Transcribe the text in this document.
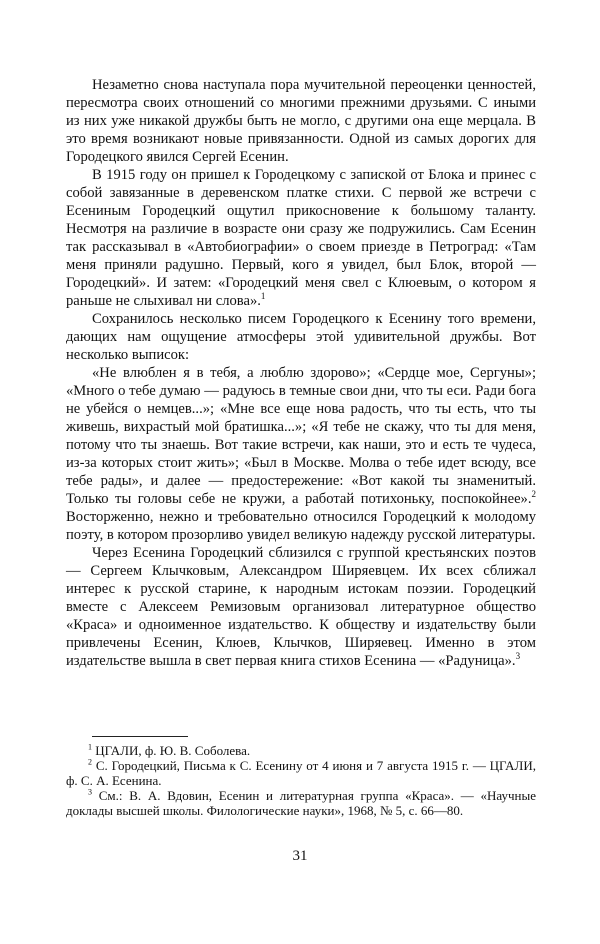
Незаметно снова наступала пора мучительной переоценки ценностей, пересмотра своих отношений со многими прежними друзьями. С иными из них уже никакой дружбы быть не могло, с другими она еще мерцала. В это время возникают новые привязанности. Одной из самых дорогих для Городецкого явился Сергей Есенин.

В 1915 году он пришел к Городецкому с запиской от Блока и принес с собой завязанные в деревенском платке стихи. С первой же встречи с Есениным Городецкий ощутил прикосновение к большому таланту. Несмотря на различие в возрасте они сразу же подружились. Сам Есенин так рассказывал в «Автобиографии» о своем приезде в Петроград: «Там меня приняли радушно. Первый, кого я увидел, был Блок, второй — Городецкий». И затем: «Городецкий меня свел с Клюевым, о котором я раньше не слыхивал ни слова».$^1$

Сохранилось несколько писем Городецкого к Есенину того времени, дающих нам ощущение атмосферы этой удивительной дружбы. Вот несколько выписок:

«Не влюблен я в тебя, а люблю здорово»; «Сердце мое, Сергуны»; «Много о тебе думаю — радуюсь в темные свои дни, что ты еси. Ради бога не убейся о немцев...»; «Мне все еще нова радость, что ты есть, что ты живешь, вихрастый мой братишка...»; «Я тебе не скажу, что ты для меня, потому что ты знаешь. Вот такие встречи, как наши, это и есть те чудеса, из-за которых стоит жить»; «Был в Москве. Молва о тебе идет всюду, все тебе рады», и далее — предостережение: «Вот какой ты знаменитый. Только ты головы себе не кружи, а работай потихоньку, поспокойнее».$^2$ Восторженно, нежно и требовательно относился Городецкий к молодому поэту, в котором прозорливо увидел великую надежду русской литературы.

Через Есенина Городецкий сблизился с группой крестьянских поэтов — Сергеем Клычковым, Александром Ширяевцем. Их всех сближал интерес к русской старине, к народным истокам поэзии. Городецкий вместе с Алексеем Ремизовым организовал литературное общество «Краса» и одноименное издательство. К обществу и издательству были привлечены Есенин, Клюев, Клычков, Ширяевец. Именно в этом издательстве вышла в свет первая книга стихов Есенина — «Радуница».$^3$

$^1$ ЦГАЛИ, ф. Ю. В. Соболева.

$^2$ С. Городецкий, Письма к С. Есенину от 4 июня и 7 августа 1915 г. — ЦГАЛИ, ф. С. А. Есенина.

$^3$ См.: В. А. Вдовин, Есенин и литературная группа «Краса». — «Научные доклады высшей школы. Филологические науки», 1968, № 5, с. 66—80.

31
